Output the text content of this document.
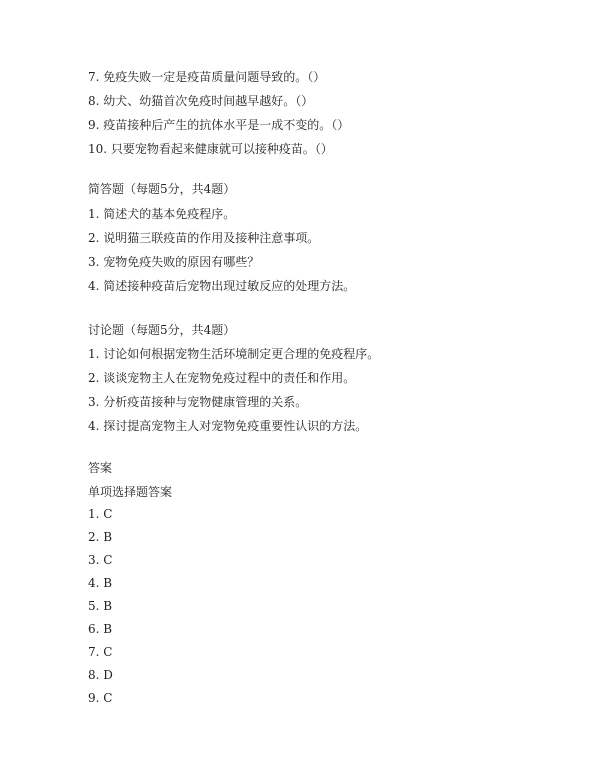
7. 免疫失败一定是疫苗质量问题导致的。（）
8. 幼犬、幼猫首次免疫时间越早越好。（）
9. 疫苗接种后产生的抗体水平是一成不变的。（）
10. 只要宠物看起来健康就可以接种疫苗。（）
简答题（每题5分，共4题）
1. 简述犬的基本免疫程序。
2. 说明猫三联疫苗的作用及接种注意事项。
3. 宠物免疫失败的原因有哪些？
4. 简述接种疫苗后宠物出现过敏反应的处理方法。
讨论题（每题5分，共4题）
1. 讨论如何根据宠物生活环境制定更合理的免疫程序。
2. 谈谈宠物主人在宠物免疫过程中的责任和作用。
3. 分析疫苗接种与宠物健康管理的关系。
4. 探讨提高宠物主人对宠物免疫重要性认识的方法。
答案
单项选择题答案
1. C
2. B
3. C
4. B
5. B
6. B
7. C
8. D
9. C
